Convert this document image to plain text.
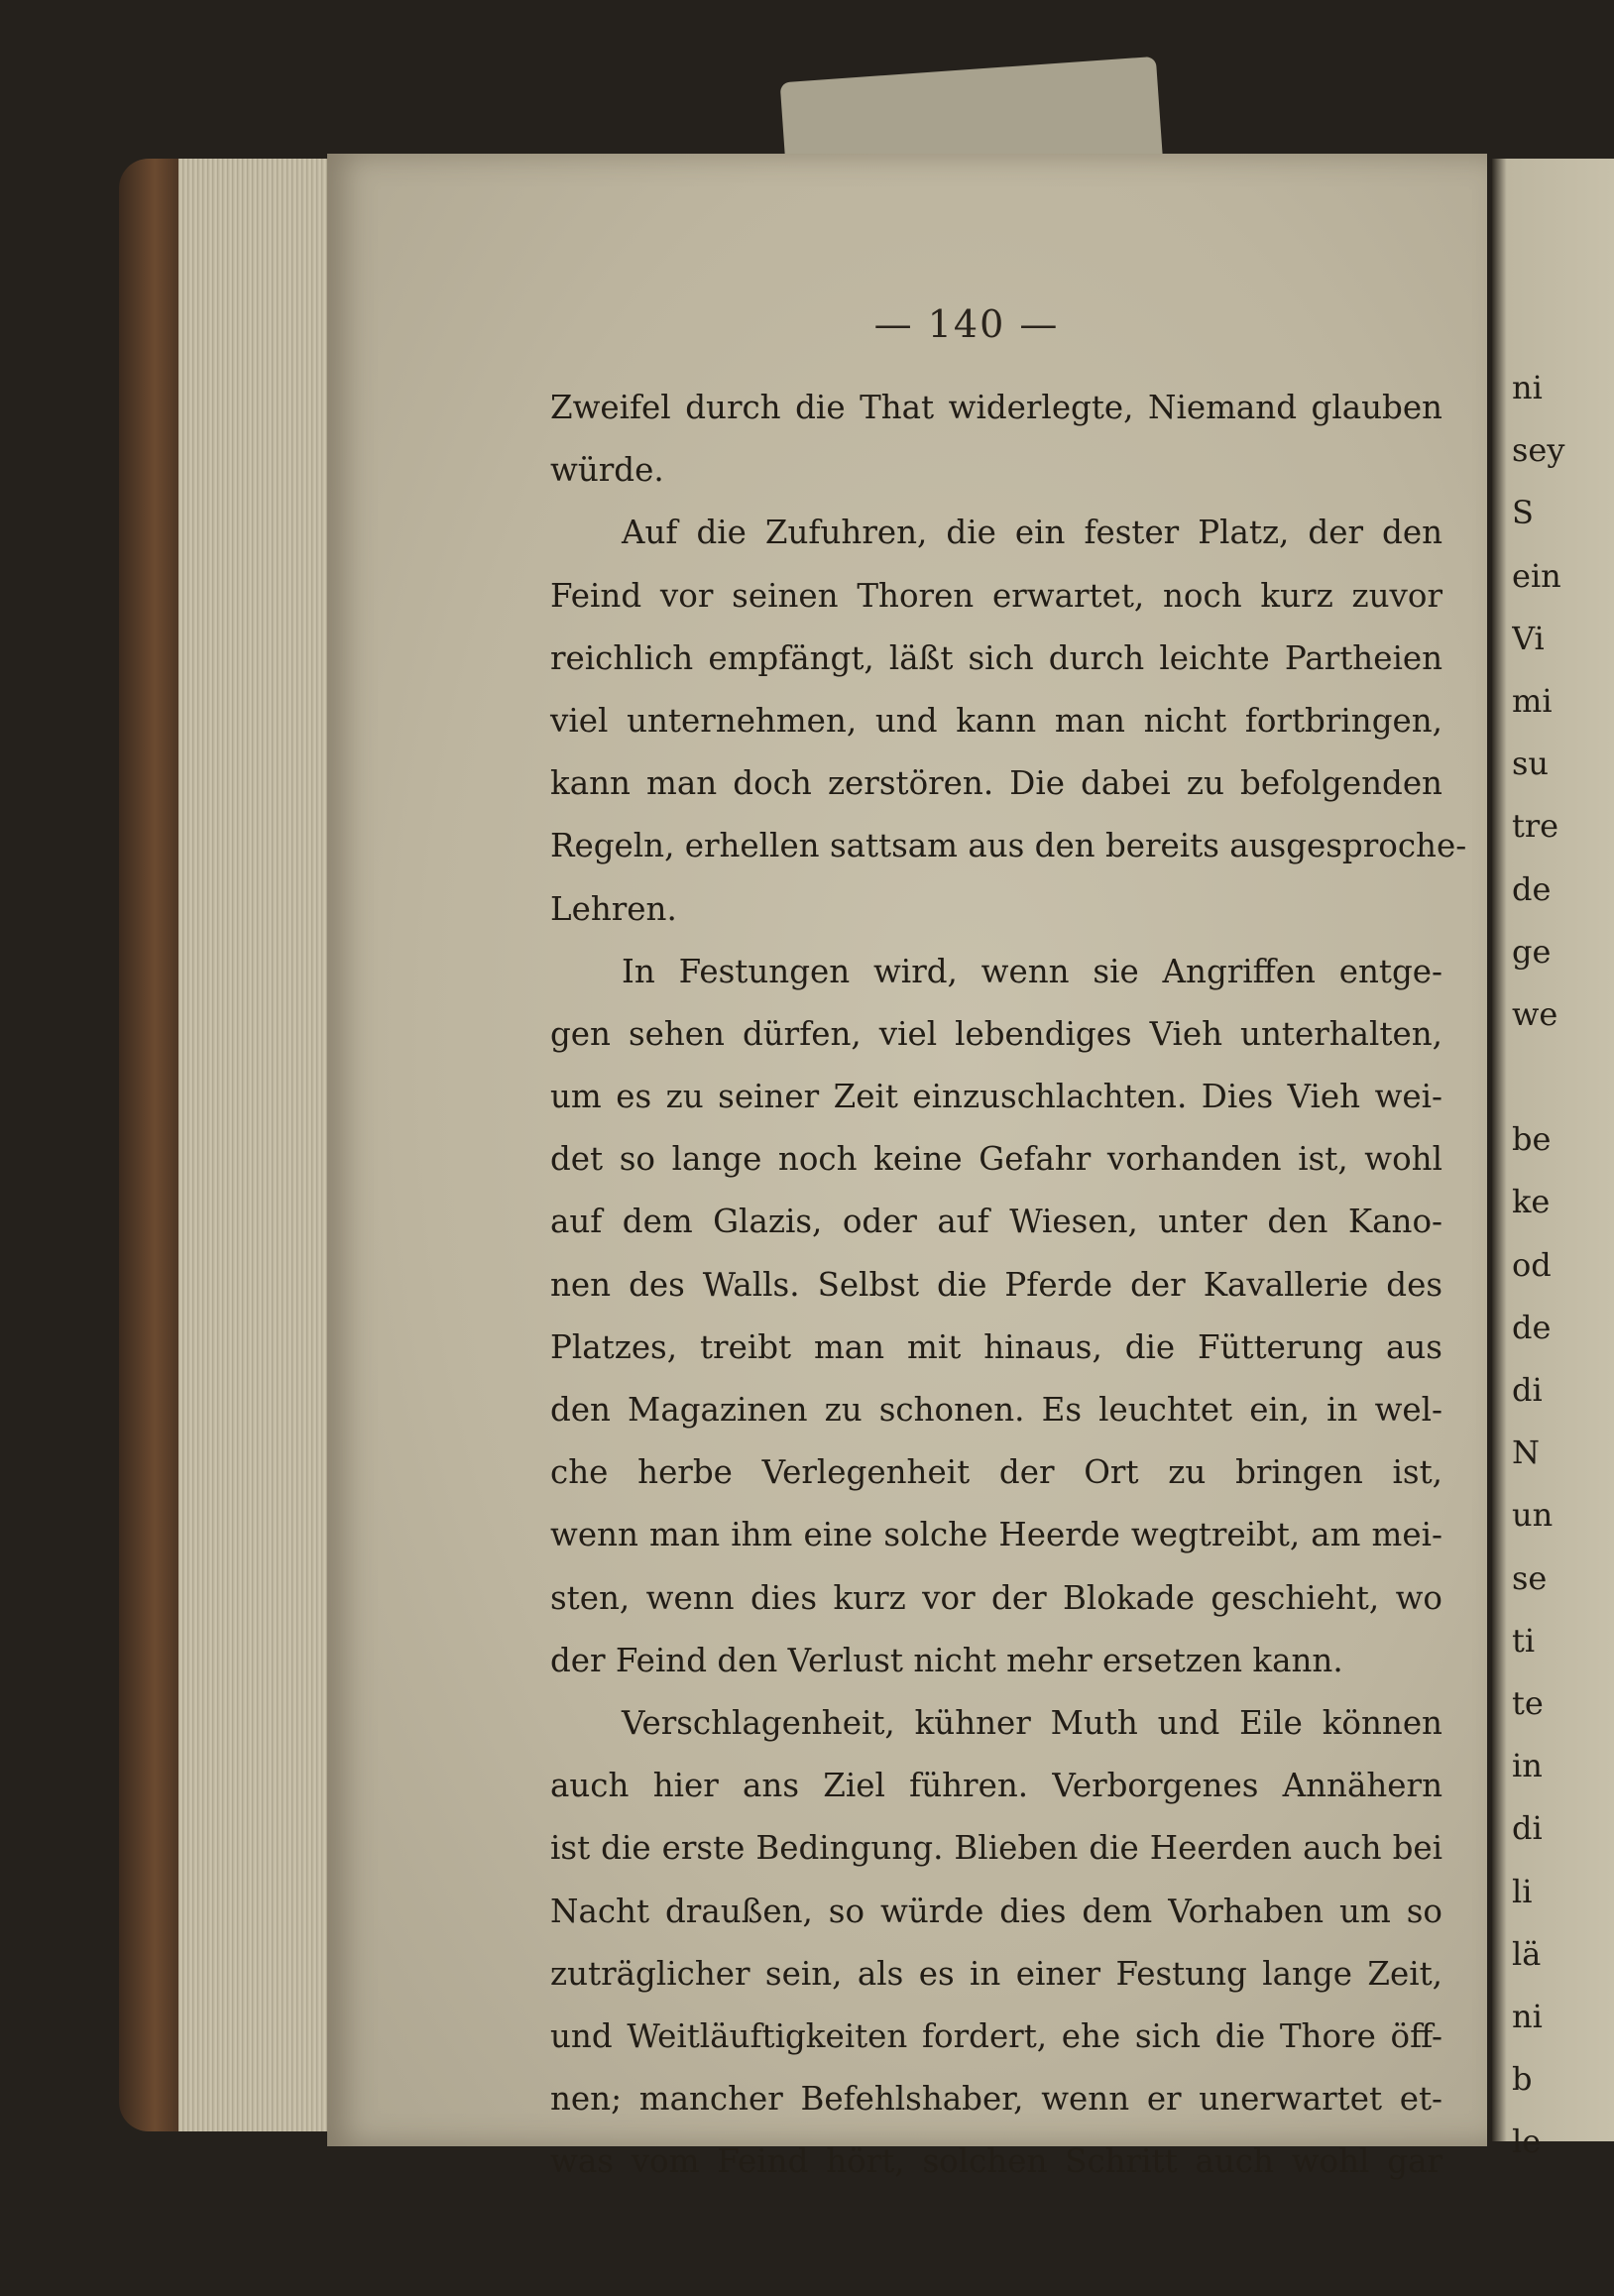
— 140 —
Zweifel durch die That widerlegte, Niemand glauben
würde.
Auf die Zufuhren, die ein fester Platz, der den
Feind vor seinen Thoren erwartet, noch kurz zuvor
reichlich empfängt, läßt sich durch leichte Partheien
viel unternehmen, und kann man nicht fortbringen,
kann man doch zerstören. Die dabei zu befolgenden
Regeln, erhellen sattsam aus den bereits ausgesproche-
Lehren.
In Festungen wird, wenn sie Angriffen entge-
gen sehen dürfen, viel lebendiges Vieh unterhalten,
um es zu seiner Zeit einzuschlachten. Dies Vieh wei-
det so lange noch keine Gefahr vorhanden ist, wohl
auf dem Glazis, oder auf Wiesen, unter den Kano-
nen des Walls. Selbst die Pferde der Kavallerie des
Platzes, treibt man mit hinaus, die Fütterung aus
den Magazinen zu schonen. Es leuchtet ein, in wel-
che herbe Verlegenheit der Ort zu bringen ist,
wenn man ihm eine solche Heerde wegtreibt, am mei-
sten, wenn dies kurz vor der Blokade geschieht, wo
der Feind den Verlust nicht mehr ersetzen kann.
Verschlagenheit, kühner Muth und Eile können
auch hier ans Ziel führen. Verborgenes Annähern
ist die erste Bedingung. Blieben die Heerden auch bei
Nacht draußen, so würde dies dem Vorhaben um so
zuträglicher sein, als es in einer Festung lange Zeit,
und Weitläuftigkeiten fordert, ehe sich die Thore öff-
nen; mancher Befehlshaber, wenn er unerwartet et-
was vom Feind hört, solchen Schritt auch wohl gar
ni
sey
S
ein
Vi
mi
su
tre
de
ge
we
be
ke
od
de
di
N
un
se
ti
te
in
di
li
lä
ni
b
le
